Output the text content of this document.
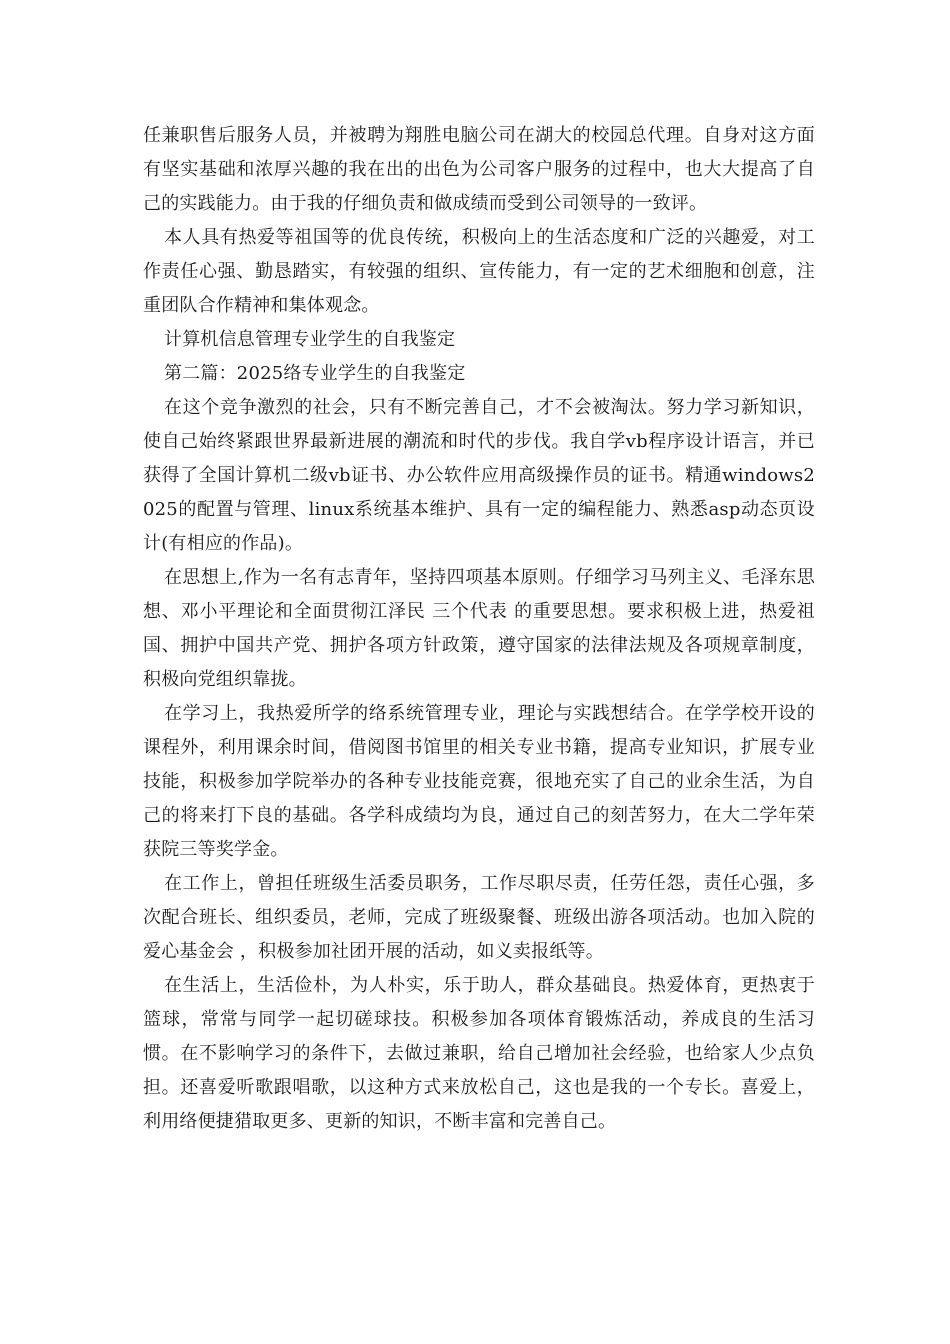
任兼职售后服务人员，并被聘为翔胜电脑公司在湖大的校园总代理。自身对这方面有坚实基础和浓厚兴趣的我在出的出色为公司客户服务的过程中，也大大提高了自己的实践能力。由于我的仔细负责和做成绩而受到公司领导的一致评。

本人具有热爱等祖国等的优良传统，积极向上的生活态度和广泛的兴趣爱，对工作责任心强、勤恳踏实，有较强的组织、宣传能力，有一定的艺术细胞和创意，注重团队合作精神和集体观念。

计算机信息管理专业学生的自我鉴定

第二篇：2025络专业学生的自我鉴定

在这个竞争激烈的社会，只有不断完善自己，才不会被淘汰。努力学习新知识，使自己始终紧跟世界最新进展的潮流和时代的步伐。我自学vb程序设计语言，并已获得了全国计算机二级vb证书、办公软件应用高级操作员的证书。精通windows2025的配置与管理、linux系统基本维护、具有一定的编程能力、熟悉asp动态页设计(有相应的作品)。

在思想上,作为一名有志青年，坚持四项基本原则。仔细学习马列主义、毛泽东思想、邓小平理论和全面贯彻江泽民 三个代表 的重要思想。要求积极上进，热爱祖国、拥护中国共产党、拥护各项方针政策，遵守国家的法律法规及各项规章制度，积极向党组织靠拢。

在学习上，我热爱所学的络系统管理专业，理论与实践想结合。在学学校开设的课程外，利用课余时间，借阅图书馆里的相关专业书籍，提高专业知识，扩展专业技能，积极参加学院举办的各种专业技能竞赛，很地充实了自己的业余生活，为自己的将来打下良的基础。各学科成绩均为良，通过自己的刻苦努力，在大二学年荣获院三等奖学金。

在工作上，曾担任班级生活委员职务，工作尽职尽责，任劳任怨，责任心强，多次配合班长、组织委员，老师，完成了班级聚餐、班级出游各项活动。也加入院的 爱心基金会 ，积极参加社团开展的活动，如义卖报纸等。

在生活上，生活俭朴，为人朴实，乐于助人，群众基础良。热爱体育，更热衷于篮球，常常与同学一起切磋球技。积极参加各项体育锻炼活动，养成良的生活习惯。在不影响学习的条件下，去做过兼职，给自己增加社会经验，也给家人少点负担。还喜爱听歌跟唱歌，以这种方式来放松自己，这也是我的一个专长。喜爱上，利用络便捷猎取更多、更新的知识，不断丰富和完善自己。
